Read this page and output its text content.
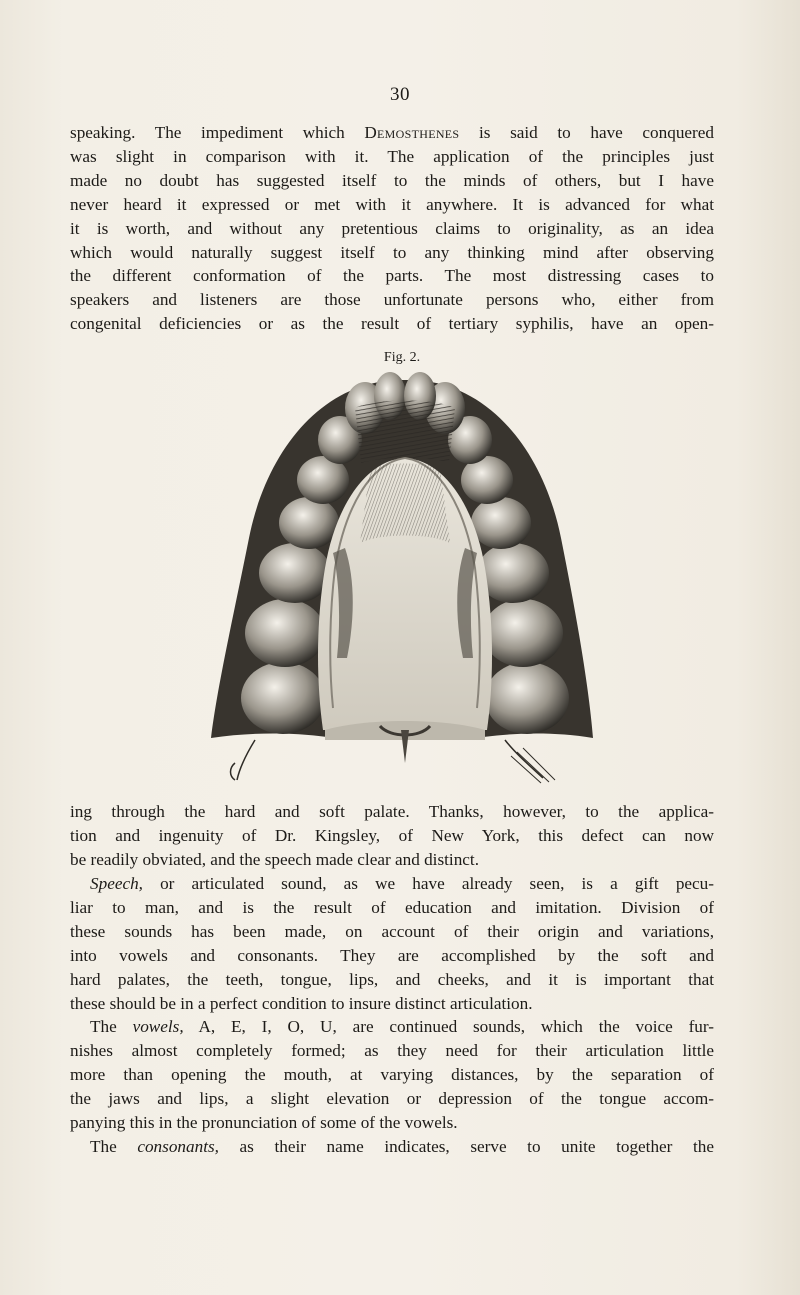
30
speaking. The impediment which Demosthenes is said to have conquered
was slight in comparison with it. The application of the principles just
made no doubt has suggested itself to the minds of others, but I have
never heard it expressed or met with it anywhere. It is advanced for what
it is worth, and without any pretentious claims to originality, as an idea
which would naturally suggest itself to any thinking mind after observing
the different conformation of the parts. The most distressing cases to
speakers and listeners are those unfortunate persons who, either from
congenital deficiencies or as the result of tertiary syphilis, have an open-
Fig. 2.
ing through the hard and soft palate. Thanks, however, to the applica-
tion and ingenuity of Dr. Kingsley, of New York, this defect can now
be readily obviated, and the speech made clear and distinct.
Speech, or articulated sound, as we have already seen, is a gift pecu-
liar to man, and is the result of education and imitation. Division of
these sounds has been made, on account of their origin and variations,
into vowels and consonants. They are accomplished by the soft and
hard palates, the teeth, tongue, lips, and cheeks, and it is important that
these should be in a perfect condition to insure distinct articulation.
The vowels, A, E, I, O, U, are continued sounds, which the voice fur-
nishes almost completely formed; as they need for their articulation little
more than opening the mouth, at varying distances, by the separation of
the jaws and lips, a slight elevation or depression of the tongue accom-
panying this in the pronunciation of some of the vowels.
The consonants, as their name indicates, serve to unite together the
